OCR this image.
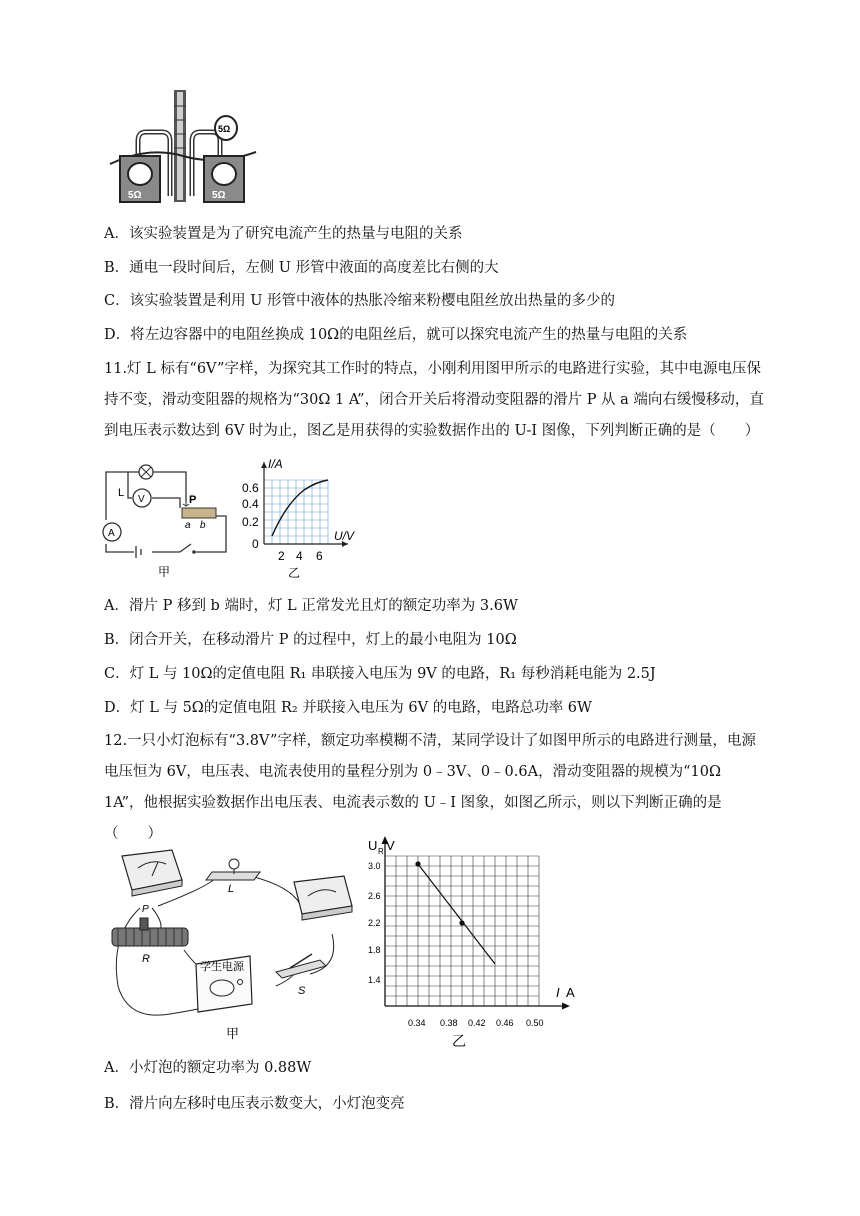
5Ω	5Ω
5Ω
A．该实验装置是为了研究电流产生的热量与电阻的关系
B．通电一段时间后，左侧 U 形管中液面的高度差比右侧的大
C．该实验装置是利用 U 形管中液体的热胀冷缩来粉樱电阻丝放出热量的多少的
D．将左边容器中的电阻丝换成 10Ω的电阻丝后，就可以探究电流产生的热量与电阻的关系
11.灯 L 标有“6V”字样，为探究其工作时的特点，小刚利用图甲所示的电路进行实验，其中电源电压保持不变，滑动变阻器的规格为“30Ω 1 A”，闭合开关后将滑动变阻器的滑片 P 从 a 端向右缓慢移动，直到电压表示数达到 6V 时为止，图乙是用获得的实验数据作出的 U-I 图像，下列判断正确的是（　　）
V
A
L
P
a b
甲
I/A
U/V
0.6
0.4
0.2
0
2 4 6
乙
A．滑片 P 移到 b 端时，灯 L 正常发光且灯的额定功率为 3.6W
B．闭合开关，在移动滑片 P 的过程中，灯上的最小电阻为 10Ω
C．灯 L 与 10Ω的定值电阻 R₁ 串联接入电压为 9V 的电路，R₁ 每秒消耗电能为 2.5J
D．灯 L 与 5Ω的定值电阻 R₂ 并联接入电压为 6V 的电路，电路总功率 6W
12.一只小灯泡标有“3.8V”字样，额定功率模糊不清，某同学设计了如图甲所示的电路进行测量，电源电压恒为 6V，电压表、电流表使用的量程分别为 0﹣3V、0﹣0.6A，滑动变阻器的规模为“10Ω　1A”，他根据实验数据作出电压表、电流表示数的 U﹣I 图象，如图乙所示，则以下判断正确的是（　　）
L
P
R
学生电源
S
甲
3.0
2.6
2.2
1.8
1.4
0.34 0.38 0.42 0.46 0.50
U R V
I A
乙
A．小灯泡的额定功率为 0.88W
B．滑片向左移时电压表示数变大，小灯泡变亮
